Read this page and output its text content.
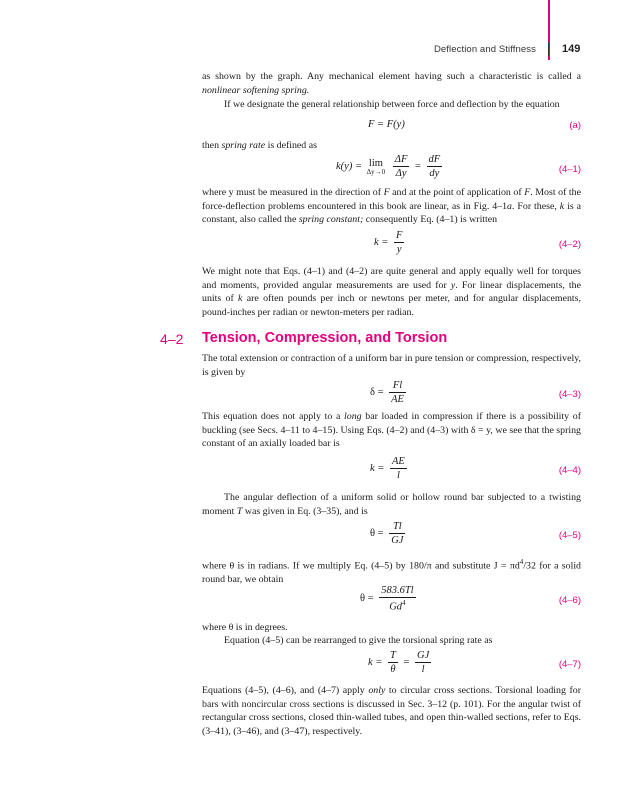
Deflection and Stiffness 149
as shown by the graph. Any mechanical element having such a characteristic is called a nonlinear softening spring.
If we designate the general relationship between force and deflection by the equation
F = F(y)	(a)
then spring rate is defined as
k(y) = lim
Δy→0
$\frac{\Delta F}{\Delta y} = \frac{dF}{dy}$	(4–1)
where y must be measured in the direction of F and at the point of application of F. Most of the force-deflection problems encountered in this book are linear, as in Fig. 4–1a. For these, k is a constant, also called the spring constant; consequently Eq. (4–1) is written
$k = \frac{F}{y}$	(4–2)
We might note that Eqs. (4–1) and (4–2) are quite general and apply equally well for torques and moments, provided angular measurements are used for y. For linear displacements, the units of k are often pounds per inch or newtons per meter, and for angular displacements, pound-inches per radian or newton-meters per radian.
4–2 Tension, Compression, and Torsion
The total extension or contraction of a uniform bar in pure tension or compression, respectively, is given by
$\delta = \frac{Fl}{AE}$	(4–3)
This equation does not apply to a long bar loaded in compression if there is a possibility of buckling (see Secs. 4–11 to 4–15). Using Eqs. (4–2) and (4–3) with δ = y, we see that the spring constant of an axially loaded bar is
$k = \frac{AE}{l}$	(4–4)
The angular deflection of a uniform solid or hollow round bar subjected to a twisting moment T was given in Eq. (3–35), and is
$\theta = \frac{Tl}{GJ}$	(4–5)
where θ is in radians. If we multiply Eq. (4–5) by 180/π and substitute $J = \pi d^4/32$ for a solid round bar, we obtain
$\theta = \frac{583.6Tl}{Gd^4}$	(4–6)
where θ is in degrees.
Equation (4–5) can be rearranged to give the torsional spring rate as
$k = \frac{T}{\theta} = \frac{GJ}{l}$	(4–7)
Equations (4–5), (4–6), and (4–7) apply only to circular cross sections. Torsional loading for bars with noncircular cross sections is discussed in Sec. 3–12 (p. 101). For the angular twist of rectangular cross sections, closed thin-walled tubes, and open thin-walled sections, refer to Eqs. (3–41), (3–46), and (3–47), respectively.
